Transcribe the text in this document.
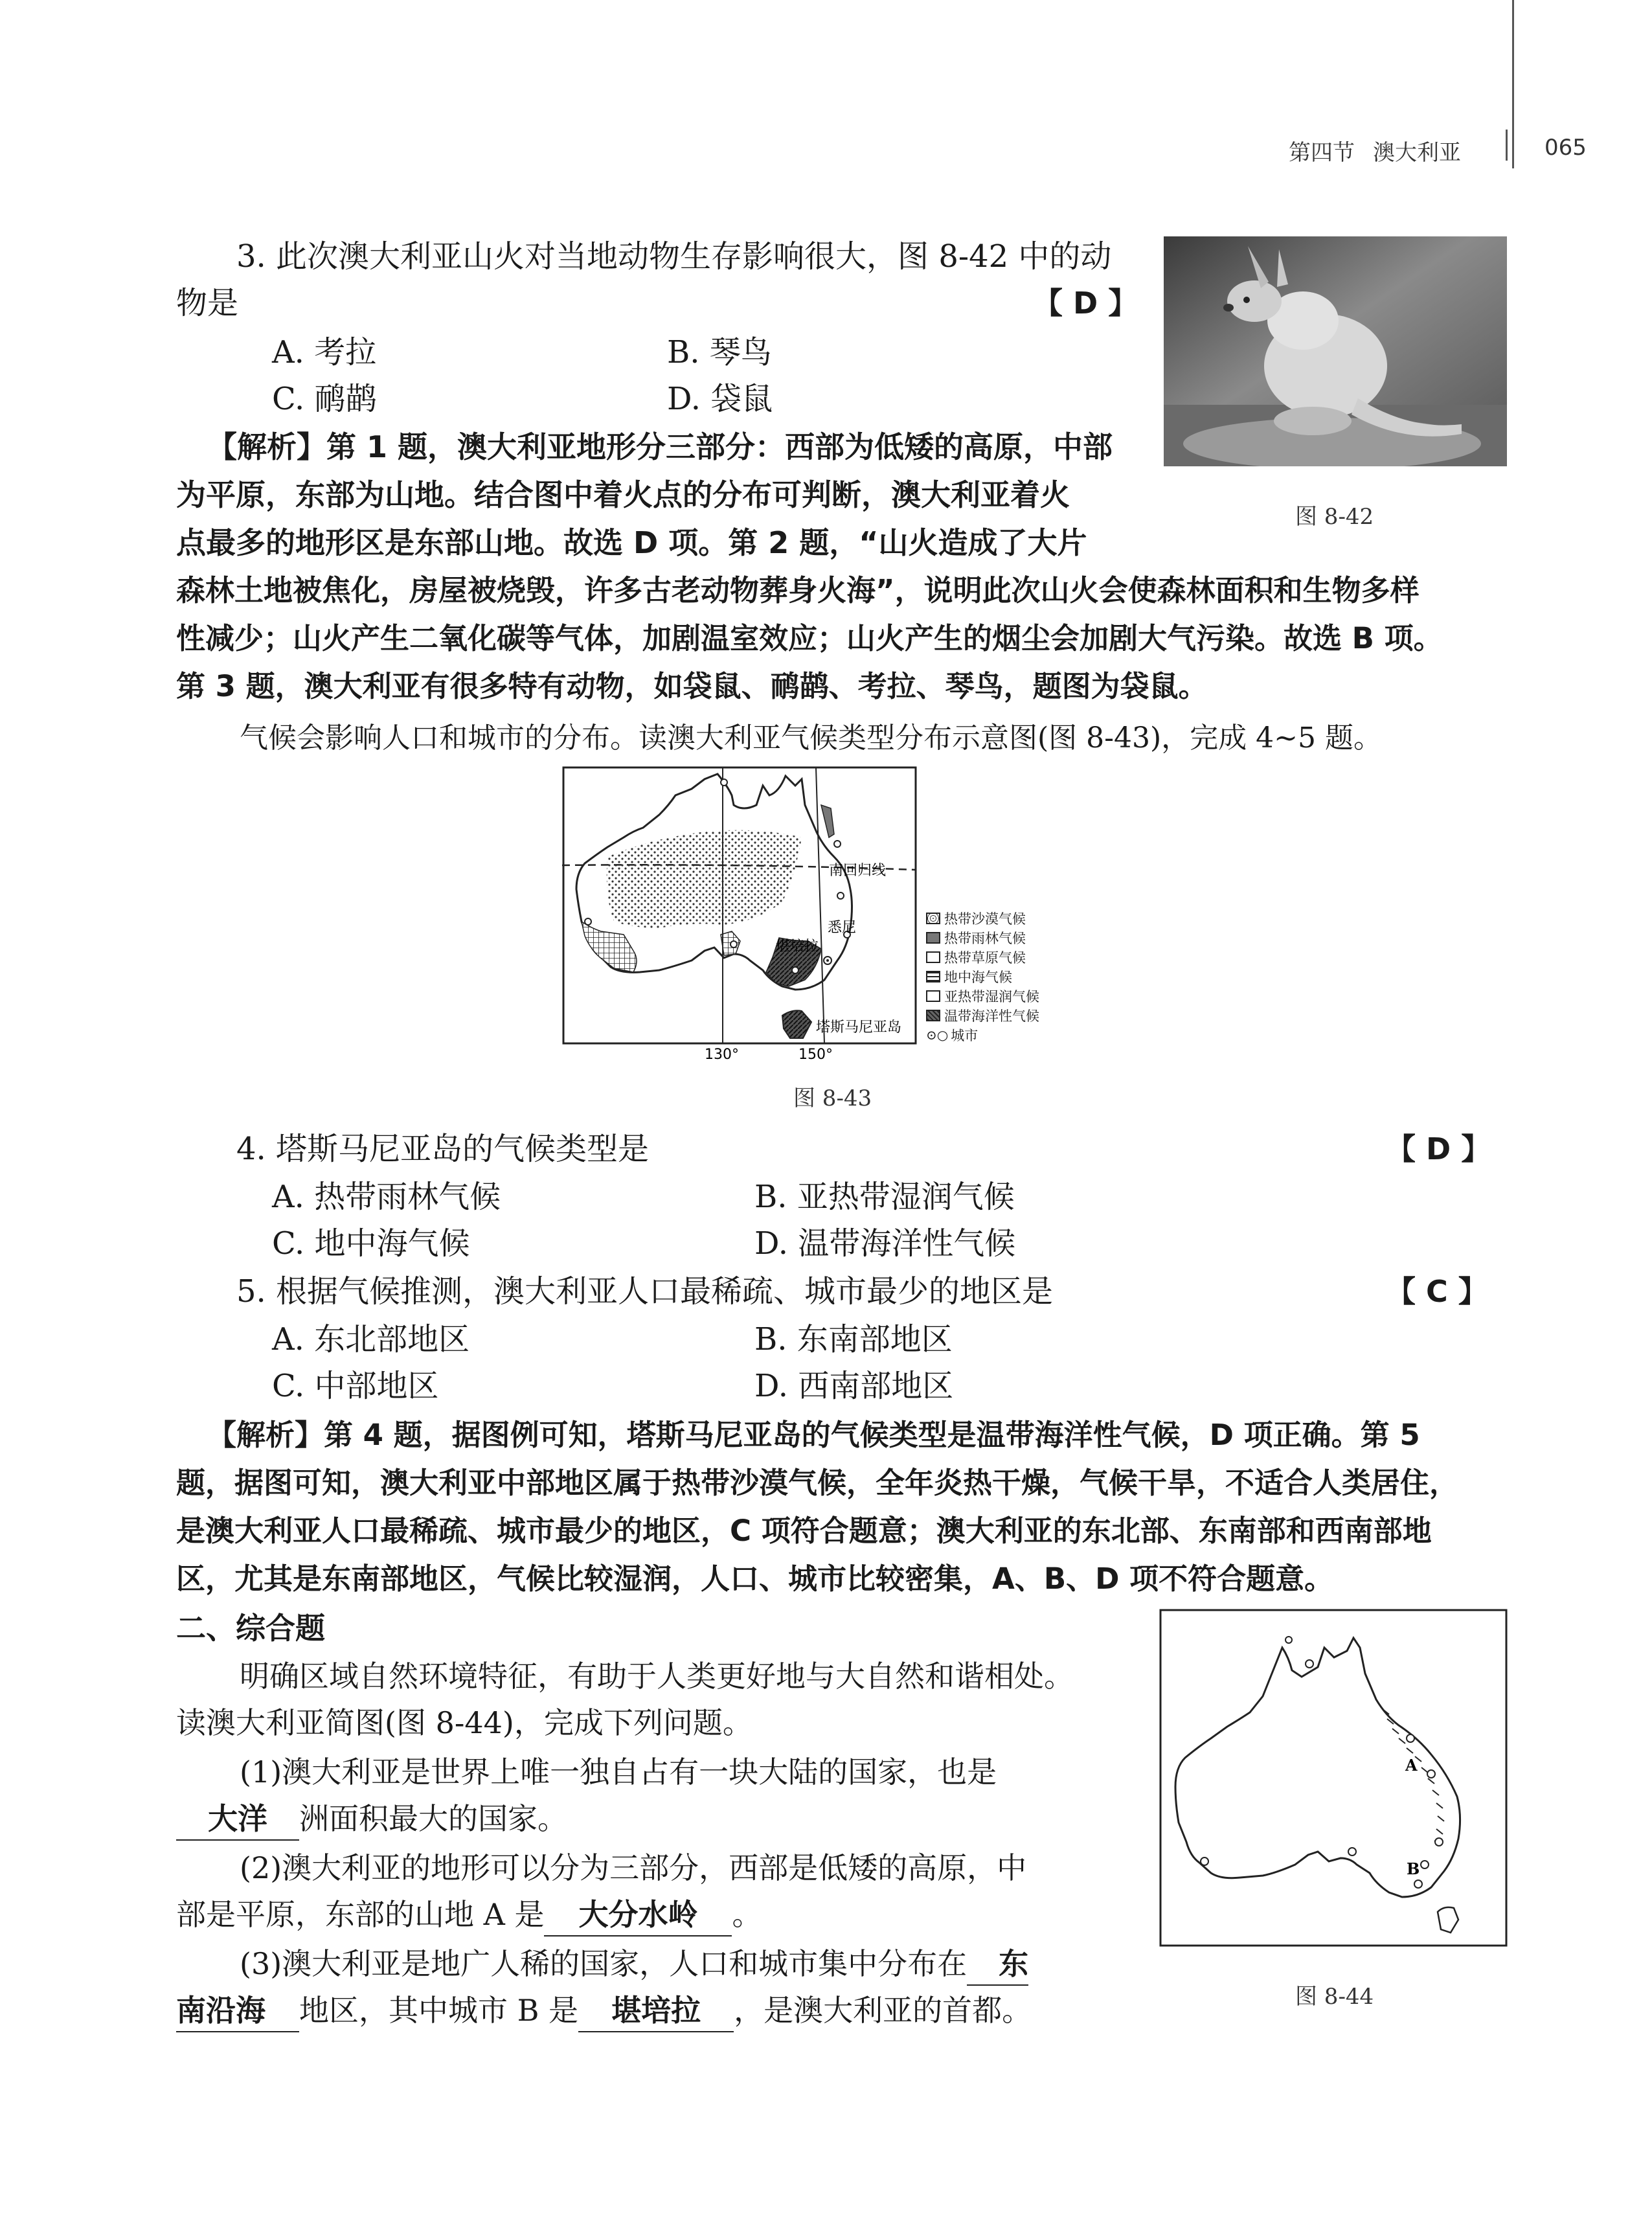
第四节 澳大利亚	065
3. 此次澳大利亚山火对当地动物生存影响很大，图 8-42 中的动
物是	【 D 】
A. 考拉	B. 琴鸟
C. 鸸鹋	D. 袋鼠
图 8-42
【解析】第 1 题，澳大利亚地形分三部分：西部为低矮的高原，中部
为平原，东部为山地。结合图中着火点的分布可判断，澳大利亚着火
点最多的地形区是东部山地。故选 D 项。第 2 题，“山火造成了大片
森林土地被焦化，房屋被烧毁，许多古老动物葬身火海”，说明此次山火会使森林面积和生物多样
性减少；山火产生二氧化碳等气体，加剧温室效应；山火产生的烟尘会加剧大气污染。故选 B 项。
第 3 题，澳大利亚有很多特有动物，如袋鼠、鸸鹋、考拉、琴鸟，题图为袋鼠。
气候会影响人口和城市的分布。读澳大利亚气候类型分布示意图(图 8-43)，完成 4~5 题。
南回归线
悉尼
堪培拉
塔斯马尼亚岛
130°	150°
热带沙漠气候
热带雨林气候
热带草原气候
地中海气候
亚热带湿润气候
温带海洋性气候
⊙○ 城市
图 8-43
4. 塔斯马尼亚岛的气候类型是	【 D 】
A. 热带雨林气候	B. 亚热带湿润气候
C. 地中海气候	D. 温带海洋性气候
5. 根据气候推测，澳大利亚人口最稀疏、城市最少的地区是	【 C 】
A. 东北部地区	B. 东南部地区
C. 中部地区	D. 西南部地区
【解析】第 4 题，据图例可知，塔斯马尼亚岛的气候类型是温带海洋性气候，D 项正确。第 5
题，据图可知，澳大利亚中部地区属于热带沙漠气候，全年炎热干燥，气候干旱，不适合人类居住，
是澳大利亚人口最稀疏、城市最少的地区，C 项符合题意；澳大利亚的东北部、东南部和西南部地
区，尤其是东南部地区，气候比较湿润，人口、城市比较密集，A、B、D 项不符合题意。
二、综合题
明确区域自然环境特征，有助于人类更好地与大自然和谐相处。
读澳大利亚简图(图 8-44)，完成下列问题。
(1)澳大利亚是世界上唯一独自占有一块大陆的国家，也是
大洋 洲面积最大的国家。
(2)澳大利亚的地形可以分为三部分，西部是低矮的高原，中
部是平原，东部的山地 A 是 大分水岭 。
(3)澳大利亚是地广人稀的国家，人口和城市集中分布在 东
南沿海 地区，其中城市 B 是 堪培拉 ，是澳大利亚的首都。
A
B
图 8-44
